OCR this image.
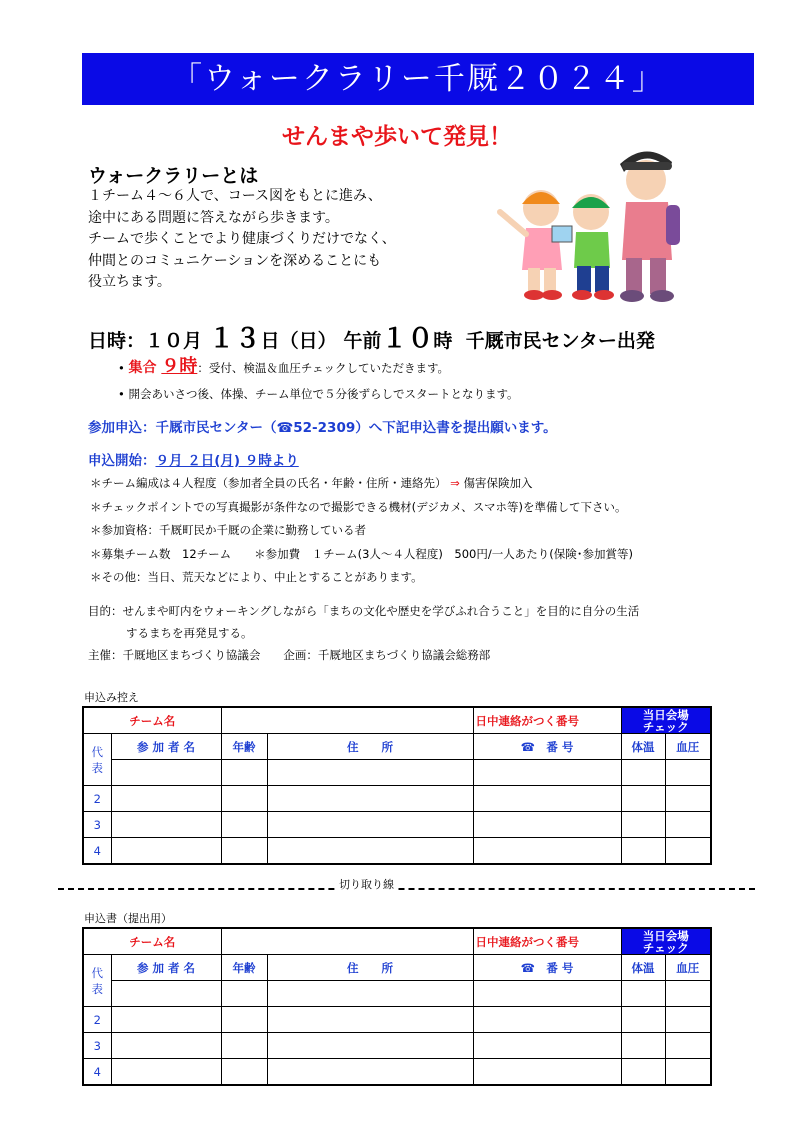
「ウォークラリー千厩２０２４」
せんまや歩いて発見！
ウォークラリーとは
１チーム４～６人で、コース図をもとに進み、
途中にある問題に答えながら歩きます。
チームで歩くことでより健康づくりだけでなく、
仲間とのコミュニケーションを深めることにも
役立ちます。
日時：１０月 １３日（日） 午前１０時 千厩市民センター出発
• 集合 ９時：受付、検温＆血圧チェックしていただきます。
• 開会あいさつ後、体操、チーム単位で５分後ずらしでスタートとなります。
参加申込：千厩市民センター（☎52-2309）へ下記申込書を提出願います。
申込開始：９月 ２日(月) ９時より
＊チーム編成は４人程度（参加者全員の氏名・年齢・住所・連絡先） ⇒ 傷害保険加入
＊チェックポイントでの写真撮影が条件なので撮影できる機材(デジカメ、スマホ等)を準備して下さい。
＊参加資格：千厩町民か千厩の企業に勤務している者
＊募集チーム数　12チーム　　＊参加費　１チーム(3人～４人程度)　500円/一人あたり(保険･参加賞等)
＊その他：当日、荒天などにより、中止とすることがあります。
目的：せんまや町内をウォーキングしながら「まちの文化や歴史を学びふれ合うこと」を目的に自分の生活
するまちを再発見する。
主催：千厩地区まちづくり協議会　　企画：千厩地区まちづくり協議会総務部
申込み控え
チーム名				日中連絡がつく番号	当日会場
チェック	

代
表	参 加 者 名	年齢	住　　所	☎　番 号	体温	血圧

2						
3						
4						
切り取り線
申込書（提出用）
チーム名				日中連絡がつく番号	当日会場
チェック	

代
表	参 加 者 名	年齢	住　　所	☎　番 号	体温	血圧

2						
3						
4						
